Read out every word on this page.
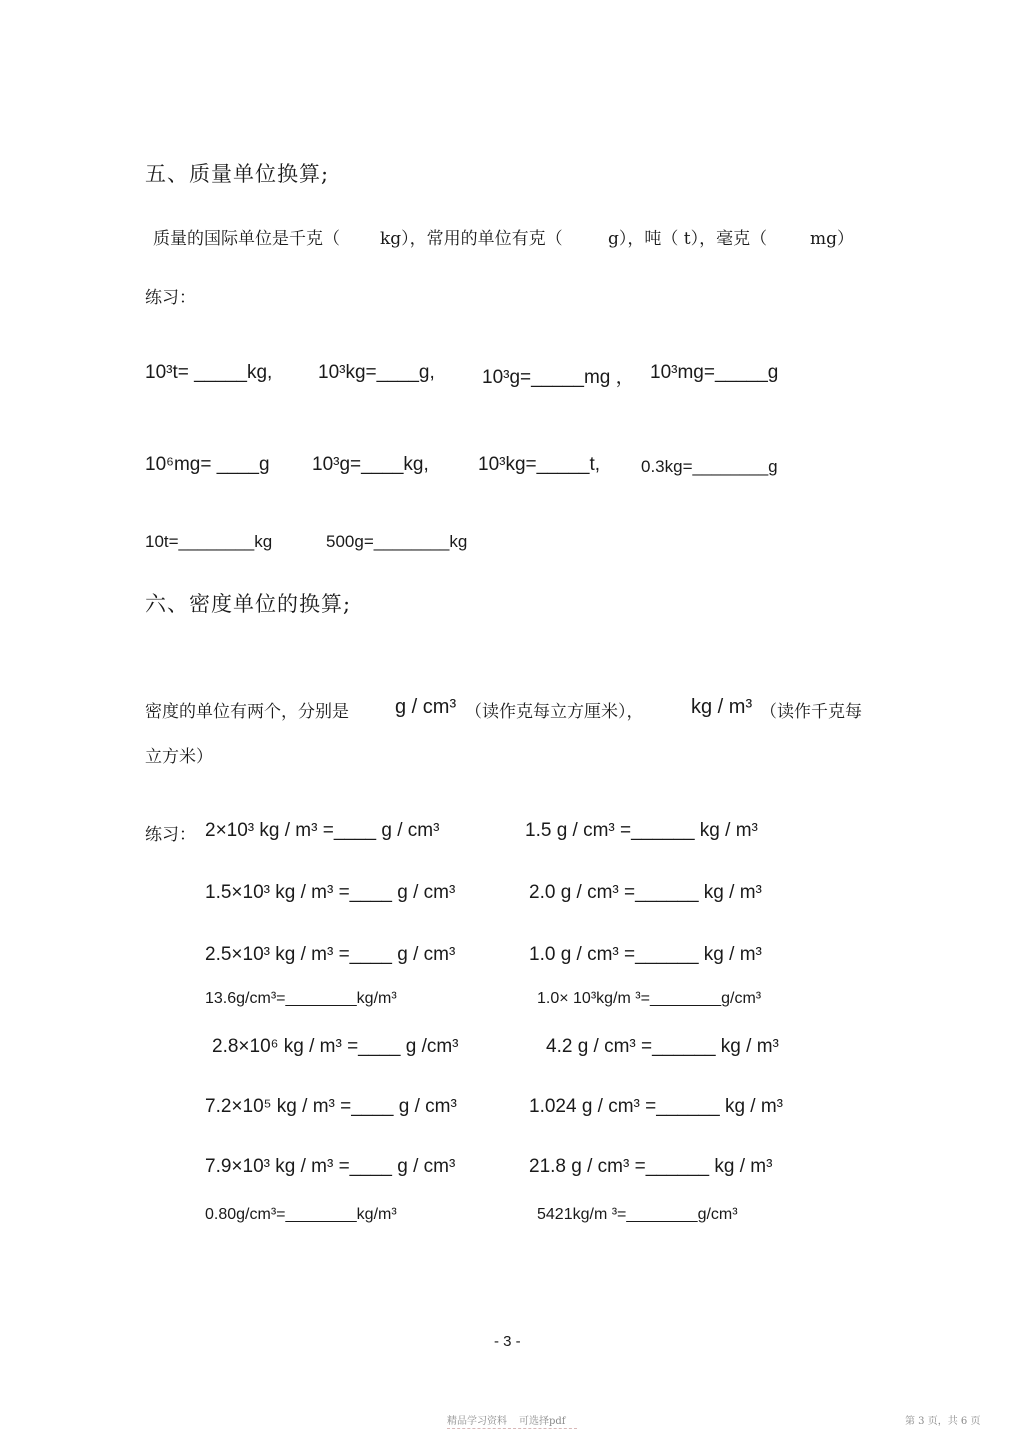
五、质量单位换算;
质量的国际单位是千克（ kg），常用的单位有克（	g），吨（ t），毫克（	mg）
练习：
10³t= _____kg, 10³kg=____g, 10³g=_____mg ， 10³mg=_____g
10⁶mg= ____g 10³g=____kg,	10³kg=_____t, 0.3kg=________g
10t=________kg	500g=________kg
六、密度单位的换算;
密度的单位有两个，分别是 g / cm³ （读作克每立方厘米）， kg / m³ （读作千克每
立方米）
练习： 2×10³ kg / m³ =____ g / cm³	1.5 g / cm³ =______ kg / m³
1.5×10³ kg / m³ =____ g / cm³	2.0 g / cm³ =______ kg / m³
2.5×10³ kg / m³ =____ g / cm³	1.0 g / cm³ =______ kg / m³
13.6g/cm³=________kg/m³	1.0× 10³kg/m ³=________g/cm³
2.8×10⁶ kg / m³ =____ g /cm³	4.2 g / cm³ =______ kg / m³
7.2×10⁵ kg / m³ =____ g / cm³	1.024 g / cm³ =______ kg / m³
7.9×10³ kg / m³ =____ g / cm³	21.8 g / cm³ =______ kg / m³
0.80g/cm³=________kg/m³	5421kg/m ³=________g/cm³
- 3 -
精品学习资料 可选择pdf	第 3 页，共 6 页
